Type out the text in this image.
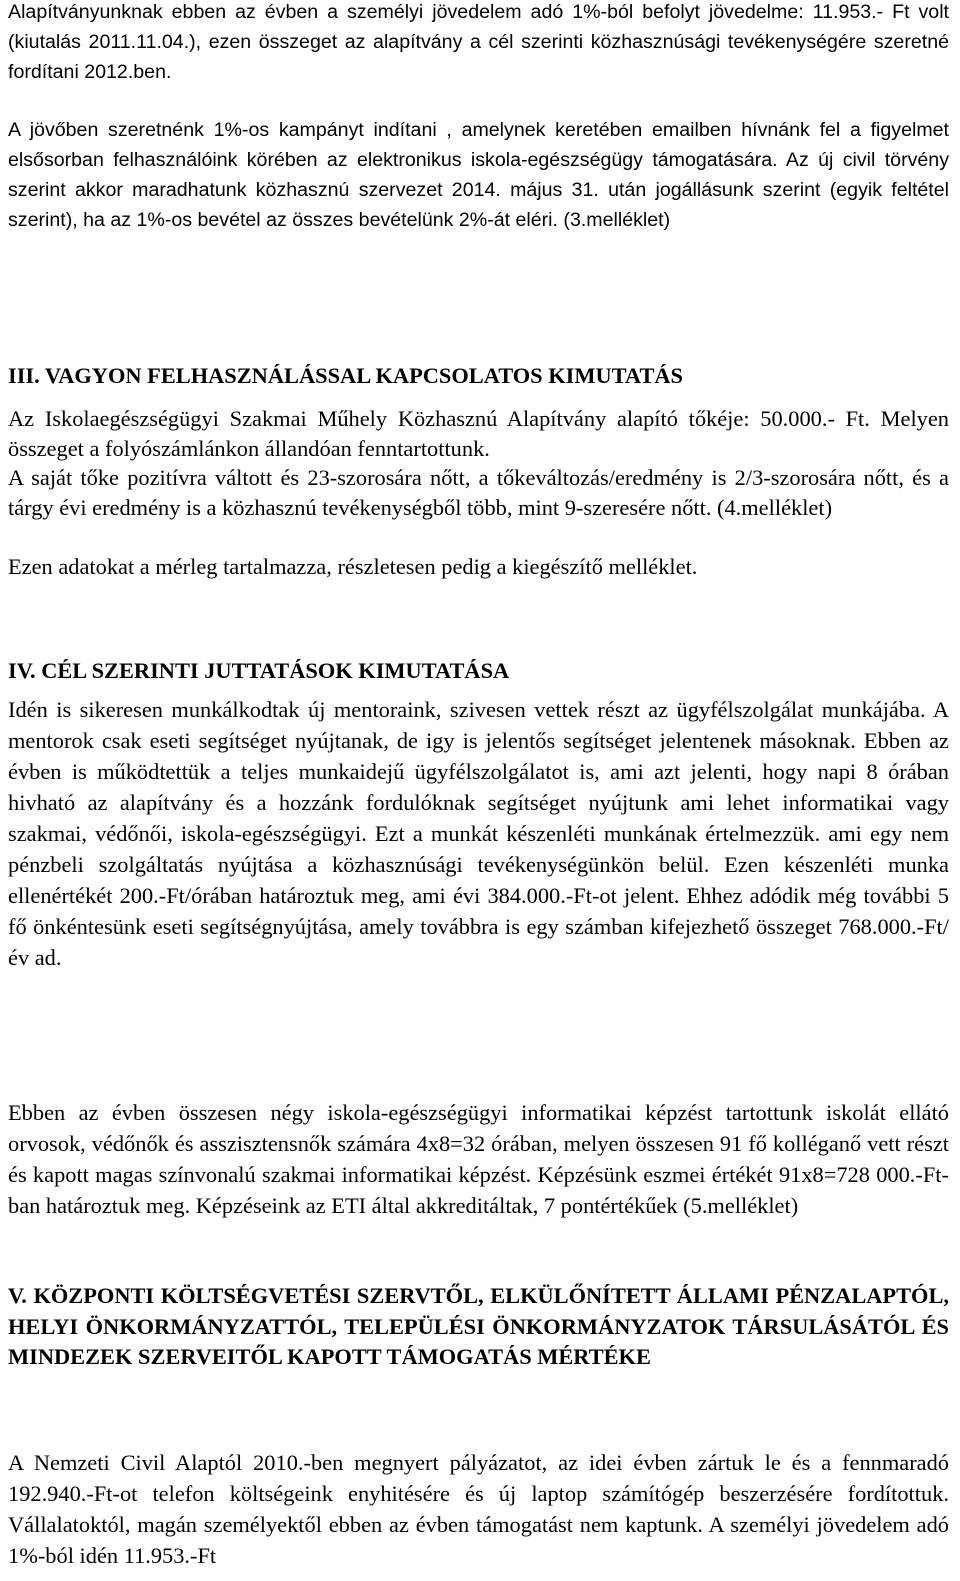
Alapítványunknak ebben az évben a személyi jövedelem adó 1%-ból befolyt jövedelme: 11.953.- Ft volt (kiutalás 2011.11.04.), ezen összeget az alapítvány a cél szerinti közhasznúsági tevékenységére szeretné fordítani 2012.ben.

A jövőben szeretnénk 1%-os kampányt indítani , amelynek keretében emailben hívnánk fel a figyelmet elsősorban felhasználóink körében az elektronikus iskola-egészségügy támogatására. Az új civil törvény szerint akkor maradhatunk közhasznú szervezet 2014. május 31. után jogállásunk szerint (egyik feltétel szerint), ha az 1%-os bevétel az összes bevételünk 2%-át eléri. (3.melléklet)

III. VAGYON FELHASZNÁLÁSSAL KAPCSOLATOS KIMUTATÁS

Az Iskolaegészségügyi Szakmai Műhely Közhasznú Alapítvány alapító tőkéje: 50.000.- Ft. Melyen összeget a folyószámlánkon állandóan fenntartottunk.

A saját tőke pozitívra váltott és 23-szorosára nőtt, a tőkeváltozás/eredmény is 2/3-szorosára nőtt, és a tárgy évi eredmény is a közhasznú tevékenységből több, mint 9-szeresére nőtt. (4.melléklet)

Ezen adatokat a mérleg tartalmazza, részletesen pedig a kiegészítő melléklet.

IV. CÉL SZERINTI JUTTATÁSOK KIMUTATÁSA

Idén is sikeresen munkálkodtak új mentoraink, szivesen vettek részt az ügyfélszolgálat munkájába. A mentorok csak eseti segítséget nyújtanak, de igy is jelentős segítséget jelentenek másoknak. Ebben az évben is működtettük a teljes munkaidejű ügyfélszolgálatot is, ami azt jelenti, hogy napi 8 órában hivható az alapítvány és a hozzánk fordulóknak segítséget nyújtunk ami lehet informatikai vagy szakmai, védőnői, iskola-egészségügyi. Ezt a munkát készenléti munkának értelmezzük. ami egy nem pénzbeli szolgáltatás nyújtása a közhasznúsági tevékenységünkön belül. Ezen készenléti munka ellenértékét 200.-Ft/órában határoztuk meg, ami évi 384.000.-Ft-ot jelent. Ehhez adódik még további 5 fő önkéntesünk eseti segítségnyújtása, amely továbbra is egy számban kifejezhető összeget 768.000.-Ft/év ad.

Ebben az évben összesen négy iskola-egészségügyi informatikai képzést tartottunk iskolát ellátó orvosok, védőnők és asszisztensnők számára 4x8=32 órában, melyen összesen 91 fő kolléganő vett részt és kapott magas színvonalú szakmai informatikai képzést. Képzésünk eszmei értékét 91x8=728 000.-Ft-ban határoztuk meg. Képzéseink az ETI által akkreditáltak, 7 pontértékűek (5.melléklet)

V. KÖZPONTI KÖLTSÉGVETÉSI SZERVTŐL, ELKÜLŐNÍTETT ÁLLAMI PÉNZALAPTÓL, HELYI ÖNKORMÁNYZATTÓL, TELEPÜLÉSI ÖNKORMÁNYZATOK TÁRSULÁSÁTÓL ÉS MINDEZEK SZERVEITŐL KAPOTT TÁMOGATÁS MÉRTÉKE

A Nemzeti Civil Alaptól 2010.-ben megnyert pályázatot, az idei évben zártuk le és a fennmaradó 192.940.-Ft-ot telefon költségeink enyhitésére és új laptop számítógép beszerzésére fordítottuk. Vállalatoktól, magán személyektől ebben az évben támogatást nem kaptunk. A személyi jövedelem adó 1%-ból idén 11.953.-Ft
